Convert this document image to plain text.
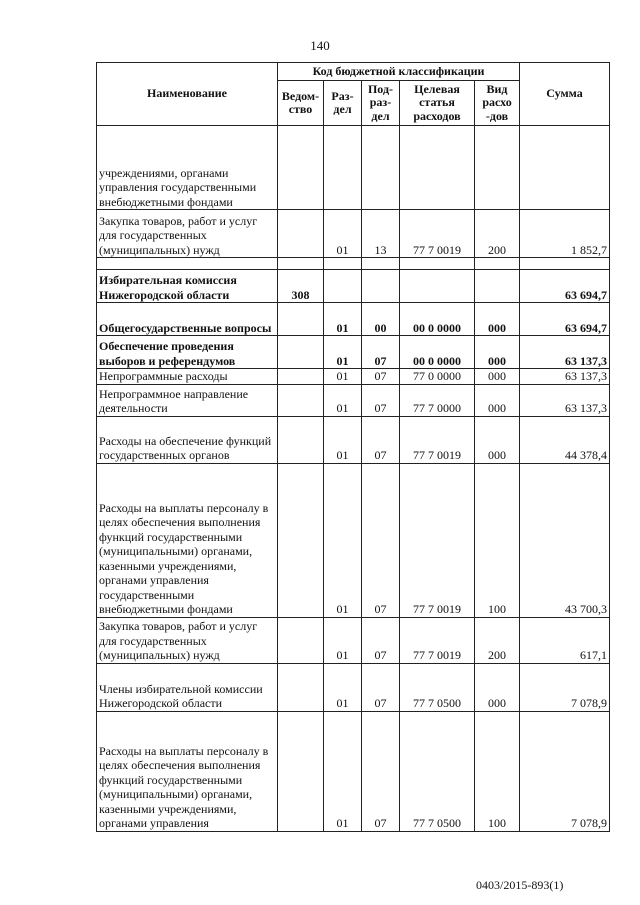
140
Наименование	Код бюджетной классификации					Сумма
	Ведом-ство	Раз-дел	Под-раз-дел	Целевая статья расходов	Вид расхо -дов	
учреждениями, органами управления государственными внебюджетными фондами						
Закупка товаров, работ и услуг для государственных (муниципальных) нужд		01	13	77 7 0019	200	1 852,7

Избирательная комиссия Нижегородской области	308					63 694,7
Общегосударственные вопросы		01	00	00 0 0000	000	63 694,7
Обеспечение проведения выборов и референдумов		01	07	00 0 0000	000	63 137,3
Непрограммные расходы		01	07	77 0 0000	000	63 137,3
Непрограммное направление деятельности		01	07	77 7 0000	000	63 137,3
Расходы на обеспечение функций государственных органов		01	07	77 7 0019	000	44 378,4
Расходы на выплаты персоналу в целях обеспечения выполнения функций государственными (муниципальными) органами, казенными учреждениями, органами управления государственными внебюджетными фондами		01	07	77 7 0019	100	43 700,3
Закупка товаров, работ и услуг для государственных (муниципальных) нужд		01	07	77 7 0019	200	617,1
Члены избирательной комиссии Нижегородской области		01	07	77 7 0500	000	7 078,9
Расходы на выплаты персоналу в целях обеспечения выполнения функций государственными (муниципальными) органами, казенными учреждениями, органами управления		01	07	77 7 0500	100	7 078,9
0403/2015-893(1)
